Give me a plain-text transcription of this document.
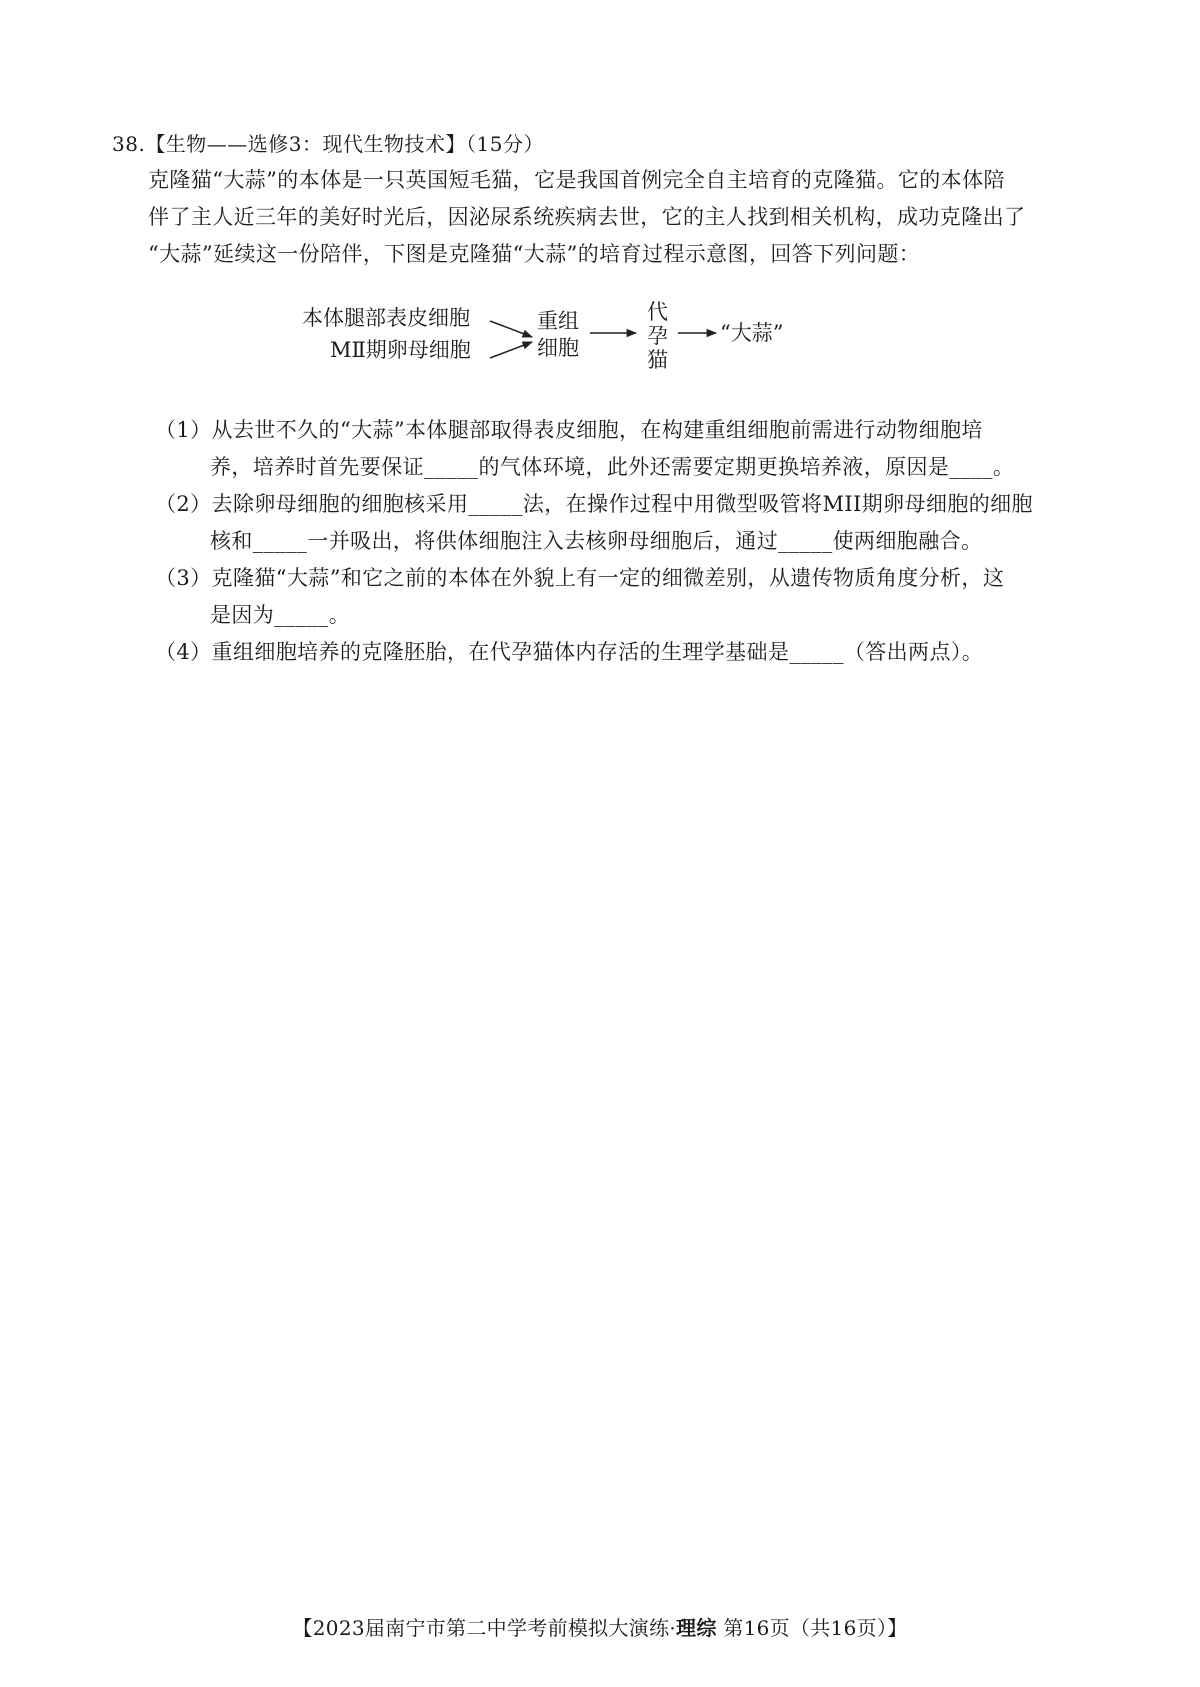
38.【生物——选修3：现代生物技术】（15分）

克隆猫“大蒜”的本体是一只英国短毛猫，它是我国首例完全自主培育的克隆猫。它的本体陪

伴了主人近三年的美好时光后，因泌尿系统疾病去世，它的主人找到相关机构，成功克隆出了

“大蒜”延续这一份陪伴，下图是克隆猫“大蒜”的培育过程示意图，回答下列问题：

本体腿部表皮细胞
MⅡ期卵母细胞
重组
细胞
代
孕
猫
“大蒜”

（1）从去世不久的“大蒜”本体腿部取得表皮细胞，在构建重组细胞前需进行动物细胞培

养，培养时首先要保证_____的气体环境，此外还需要定期更换培养液，原因是____。

（2）去除卵母细胞的细胞核采用_____法，在操作过程中用微型吸管将MII期卵母细胞的细胞

核和_____一并吸出，将供体细胞注入去核卵母细胞后，通过_____使两细胞融合。

（3）克隆猫“大蒜”和它之前的本体在外貌上有一定的细微差别，从遗传物质角度分析，这

是因为_____。

（4）重组细胞培养的克隆胚胎，在代孕猫体内存活的生理学基础是_____（答出两点）。

【2023届南宁市第二中学考前模拟大演练·理综 第16页（共16页）】
